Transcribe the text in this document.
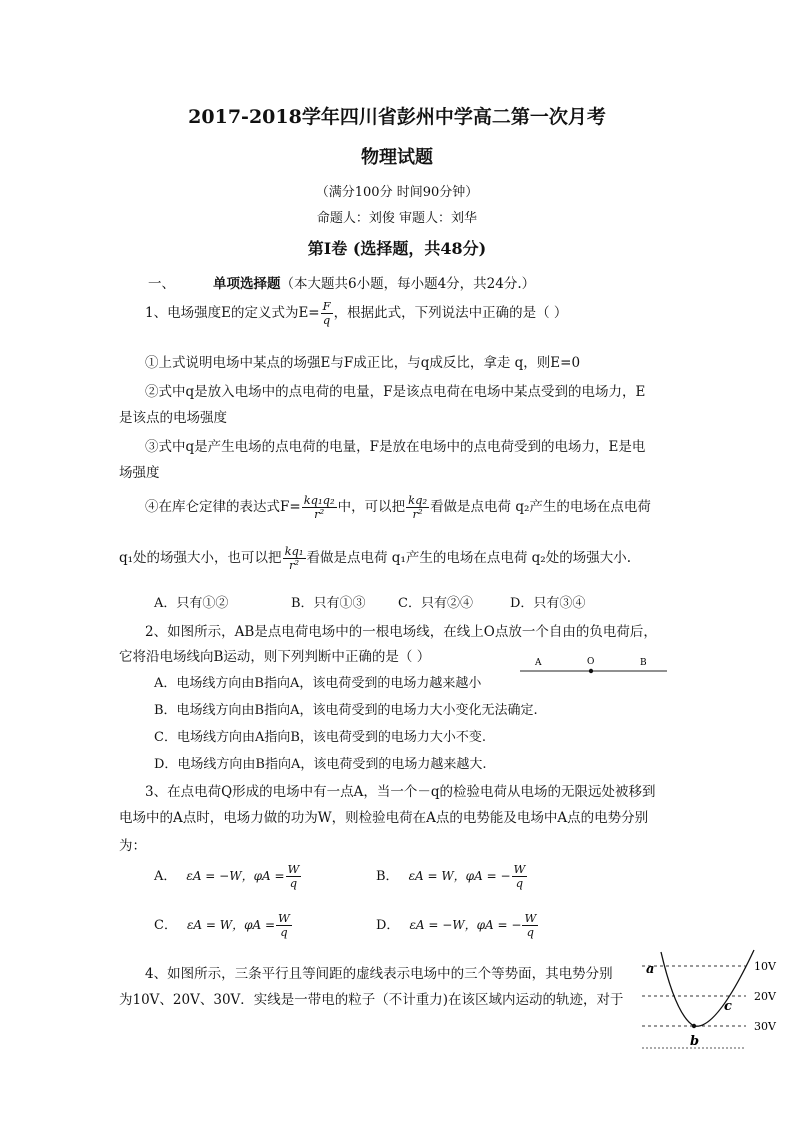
2017-2018学年四川省彭州中学高二第一次月考
物理试题
（满分100分 时间90分钟）
命题人：刘俊 审题人：刘华
第Ⅰ卷 (选择题，共48分)
一、	单项选择题（本大题共6小题，每小题4分，共24分.）
1、电场强度E的定义式为$E= \frac{F}{q}$ ，根据此式，下列说法中正确的是（ ）
①上式说明电场中某点的场强E与F成正比，与q成反比，拿走 q，则E=0
②式中q是放入电场中的点电荷的电量，F是该点电荷在电场中某点受到的电场力，E
是该点的电场强度
③式中q是产生电场的点电荷的电量，F是放在电场中的点电荷受到的电场力，E是电
场强度
④在库仑定律的表达式$F= \frac{\text{kq₁q₂}}{\text{r²}}$ 中，可以把 $\frac{\text{kq₂}}{\text{r²}}$ 看做是点电荷 q₂产生的电场在点电荷
q₁处的场强大小，也可以把 $\frac{\text{kq₁}}{\text{r²}}$ 看做是点电荷 q₁产生的电场在点电荷 q₂处的场强大小.
A．只有①②	B．只有①③ C．只有②④	D．只有③④
2、如图所示，AB是点电荷电场中的一根电场线，在线上O点放一个自由的负电荷后，
它将沿电场线向B运动，则下列判断中正确的是（ ）
A．电场线方向由B指向A，该电荷受到的电场力越来越小
B．电场线方向由B指向A，该电荷受到的电场力大小变化无法确定.
C．电场线方向由A指向B，该电荷受到的电场力大小不变.
D．电场线方向由B指向A，该电荷受到的电场力越来越大.
A	O	B
3、在点电荷Q形成的电场中有一点A，当一个－q的检验电荷从电场的无限远处被移到
电场中的A点时，电场力做的功为W，则检验电荷在A点的电势能及电场中A点的电势分别
为：
A． εA = −W，$\varphi A = \frac{W}{q}$	B． εA = W，φA = − $\frac{W}{q}$
C． εA = W，$\varphi A = \frac{W}{q}$	D． εA = −W，φA = − $\frac{W}{q}$
4、如图所示，三条平行且等间距的虚线表示电场中的三个等势面，其电势分别
为10V、20V、30V．实线是一带电的粒子（不计重力)在该区域内运动的轨迹，对于
a
b
c
10V
20V
30V
